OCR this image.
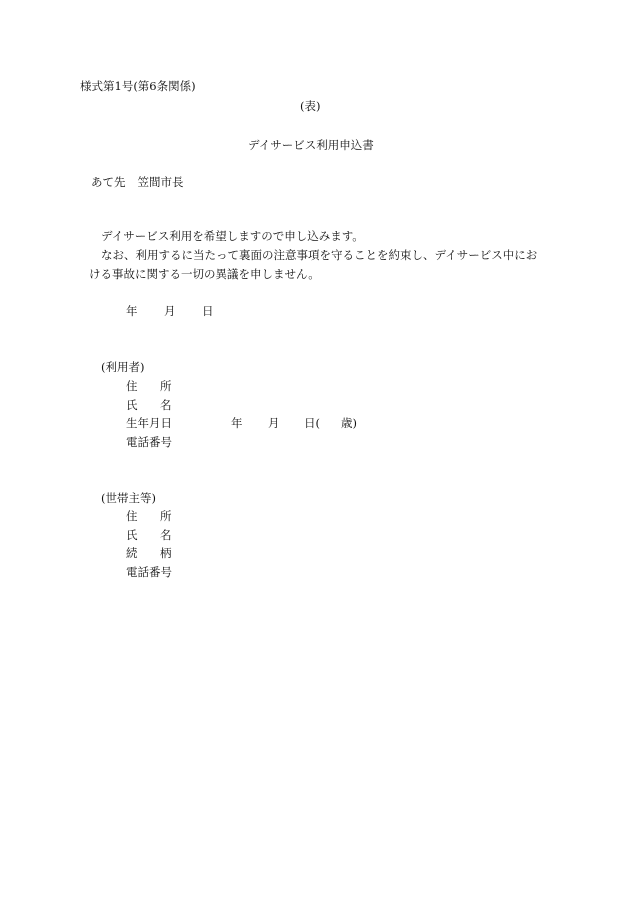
様式第1号(第6条関係)
(表)
デイサービス利用申込書
あて先 笠間市長
デイサービス利用を希望しますので申し込みます。
なお、利用するに当たって裏面の注意事項を守ることを約束し、デイサービス中にお
ける事故に関する一切の異議を申しません。
年 月 日
(利用者)
住 所
氏 名
生年月日	年 月 日( 歳)
電話番号
(世帯主等)
住 所
氏 名
続 柄
電話番号
